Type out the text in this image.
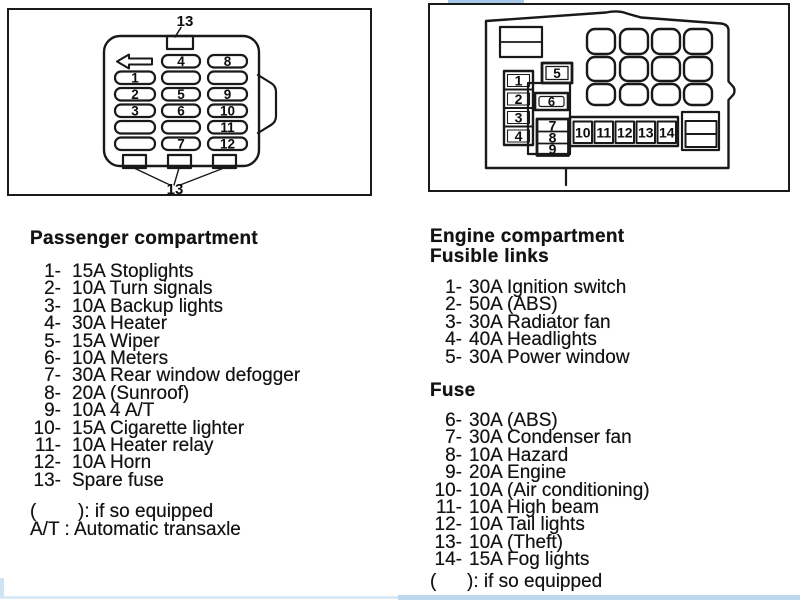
13
1
2
3
4
5
6
7
8
9
10
11
12
13
5
1
2
3
4
6
7
8
9
10 11 12 13 14
Passenger compartment
1- 15A Stoplights
2- 10A Turn signals
3- 10A Backup lights
4- 30A Heater
5- 15A Wiper
6- 10A Meters
7- 30A Rear window defogger
8- 20A (Sunroof)
9- 10A 4 A/T
10- 15A Cigarette lighter
11- 10A Heater relay
12- 10A Horn
13- Spare fuse
(	): if so equipped
A/T : Automatic transaxle
Engine compartment
Fusible links
1- 30A Ignition switch
2- 50A (ABS)
3- 30A Radiator fan
4- 40A Headlights
5- 30A Power window
Fuse
6- 30A (ABS)
7- 30A Condenser fan
8- 10A Hazard
9- 20A Engine
10- 10A (Air conditioning)
11- 10A High beam
12- 10A Tail lights
13- 10A (Theft)
14- 15A Fog lights
(	): if so equipped
